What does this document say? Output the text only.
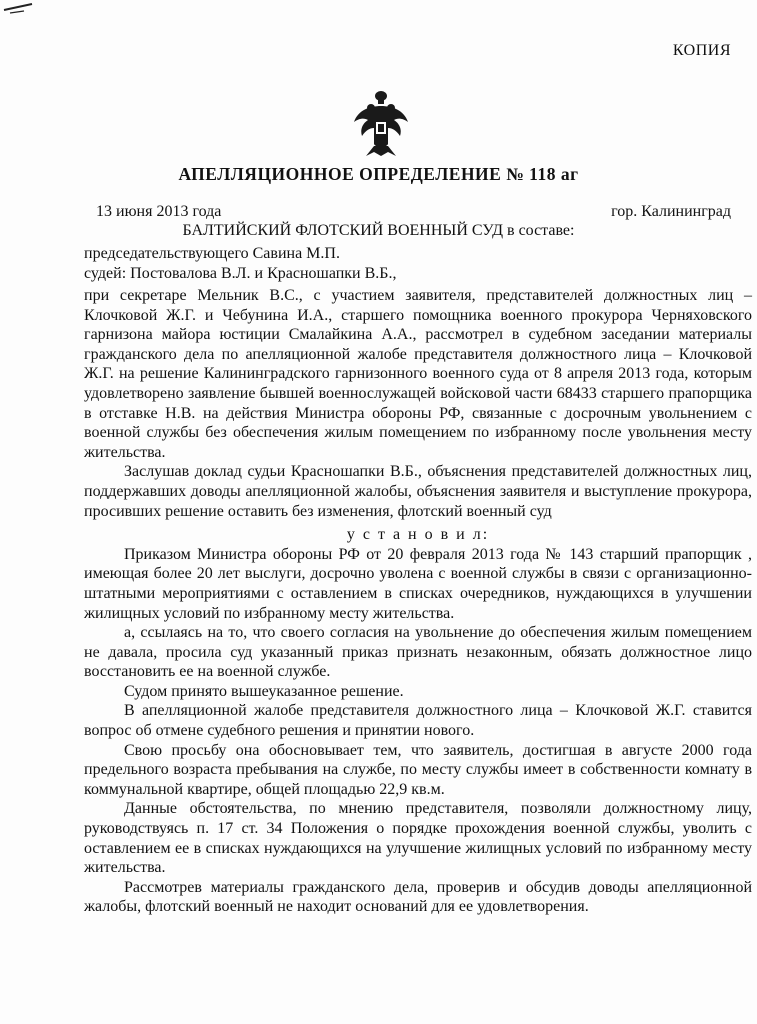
КОПИЯ
АПЕЛЛЯЦИОННОЕ ОПРЕДЕЛЕНИЕ № 118 аг
13 июня 2013 года	гор. Калининград
БАЛТИЙСКИЙ ФЛОТСКИЙ ВОЕННЫЙ СУД в составе:
председательствующего Савина М.П.
судей: Постовалова В.Л. и Красношапки В.Б.,

при секретаре Мельник В.С., с участием заявителя, представителей должностных лиц – Клочковой Ж.Г. и Чебунина И.А., старшего помощника военного прокурора Черняховского гарнизона майора юстиции Смалайкина А.А., рассмотрел в судебном заседании материалы гражданского дела по апелляционной жалобе представителя должностного лица – Клочковой Ж.Г. на решение Калининградского гарнизонного военного суда от 8 апреля 2013 года, которым удовлетворено заявление бывшей военнослужащей войсковой части 68433 старшего прапорщика в отставке Н.В. на действия Министра обороны РФ, связанные с досрочным увольнением с военной службы без обеспечения жилым помещением по избранному после увольнения месту жительства.

Заслушав доклад судьи Красношапки В.Б., объяснения представителей должностных лиц, поддержавших доводы апелляционной жалобы, объяснения заявителя и выступление прокурора, просивших решение оставить без изменения, флотский военный суд

у с т а н о в и л:

Приказом Министра обороны РФ от 20 февраля 2013 года № 143 старший прапорщик , имеющая более 20 лет выслуги, досрочно уволена с военной службы в связи с организационно-штатными мероприятиями с оставлением в списках очередников, нуждающихся в улучшении жилищных условий по избранному месту жительства.

а, ссылаясь на то, что своего согласия на увольнение до обеспечения жилым помещением не давала, просила суд указанный приказ признать незаконным, обязать должностное лицо восстановить ее на военной службе.

Судом принято вышеуказанное решение.

В апелляционной жалобе представителя должностного лица – Клочковой Ж.Г. ставится вопрос об отмене судебного решения и принятии нового.

Свою просьбу она обосновывает тем, что заявитель, достигшая в августе 2000 года предельного возраста пребывания на службе, по месту службы имеет в собственности комнату в коммунальной квартире, общей площадью 22,9 кв.м.

Данные обстоятельства, по мнению представителя, позволяли должностному лицу, руководствуясь п. 17 ст. 34 Положения о порядке прохождения военной службы, уволить с оставлением ее в списках нуждающихся на улучшение жилищных условий по избранному месту жительства.

Рассмотрев материалы гражданского дела, проверив и обсудив доводы апелляционной жалобы, флотский военный не находит оснований для ее удовлетворения.
